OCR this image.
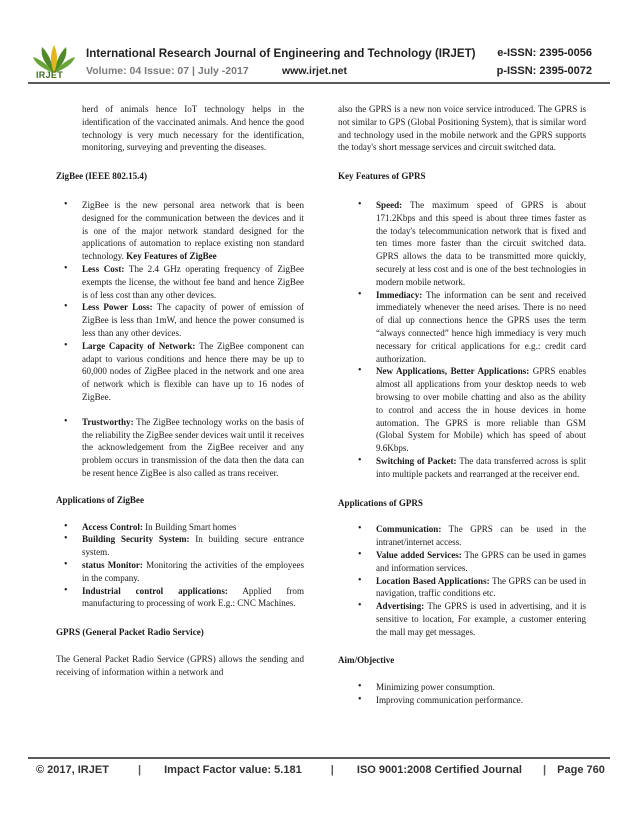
IRJET
International Research Journal of Engineering and Technology (IRJET) e-ISSN: 2395-0056
Volume: 04 Issue: 07 | July -2017	www.irjet.net	p-ISSN: 2395-0072

herd of animals hence IoT technology helps in the identification of the vaccinated animals. And hence the good technology is very much necessary for the identification, monitoring, surveying and preventing the diseases.

ZigBee (IEEE 802.15.4)
• ZigBee is the new personal area network that is been designed for the communication between the devices and it is one of the major network standard designed for the applications of automation to replace existing non standard technology. Key Features of ZigBee
• Less Cost: The 2.4 GHz operating frequency of ZigBee exempts the license, the without fee band and hence ZigBee is of less cost than any other devices.
• Less Power Loss: The capacity of power of emission of ZigBee is less than 1mW, and hence the power consumed is less than any other devices.
• Large Capacity of Network: The ZigBee component can adapt to various conditions and hence there may be up to 60,000 nodes of ZigBee placed in the network and one area of network which is flexible can have up to 16 nodes of ZigBee.
• Trustworthy: The ZigBee technology works on the basis of the reliability the ZigBee sender devices wait until it receives the acknowledgement from the ZigBee receiver and any problem occurs in transmission of the data then the data can be resent hence ZigBee is also called as trans receiver.
Applications of ZigBee
• Access Control: In Building Smart homes
• Building Security System: In building secure entrance system.
• status Monitor: Monitoring the activities of the employees in the company.
• Industrial control applications: Applied from manufacturing to processing of work E.g.: CNC Machines.
GPRS (General Packet Radio Service)

The General Packet Radio Service (GPRS) allows the sending and receiving of information within a network and

also the GPRS is a new non voice service introduced. The GPRS is not similar to GPS (Global Positioning System), that is similar word and technology used in the mobile network and the GPRS supports the today's short message services and circuit switched data.

Key Features of GPRS
• Speed: The maximum speed of GPRS is about 171.2Kbps and this speed is about three times faster as the today's telecommunication network that is fixed and ten times more faster than the circuit switched data. GPRS allows the data to be transmitted more quickly, securely at less cost and is one of the best technologies in modern mobile network.
• Immediacy: The information can be sent and received immediately whenever the need arises. There is no need of dial up connections hence the GPRS uses the term “always connected” hence high immediacy is very much necessary for critical applications for e.g.: credit card authorization.
• New Applications, Better Applications: GPRS enables almost all applications from your desktop needs to web browsing to over mobile chatting and also as the ability to control and access the in house devices in home automation. The GPRS is more reliable than GSM (Global System for Mobile) which has speed of about 9.6Kbps.
• Switching of Packet: The data transferred across is split into multiple packets and rearranged at the receiver end.
Applications of GPRS
• Communication: The GPRS can be used in the intranet/internet access.
• Value added Services: The GPRS can be used in games and information services.
• Location Based Applications: The GPRS can be used in navigation, traffic conditions etc.
• Advertising: The GPRS is used in advertising, and it is sensitive to location, For example, a customer entering the mall may get messages.
Aim/Objective
• Minimizing power consumption.
• Improving communication performance.
© 2017, IRJET	| Impact Factor value: 5.181	| ISO 9001:2008 Certified Journal | Page 760
